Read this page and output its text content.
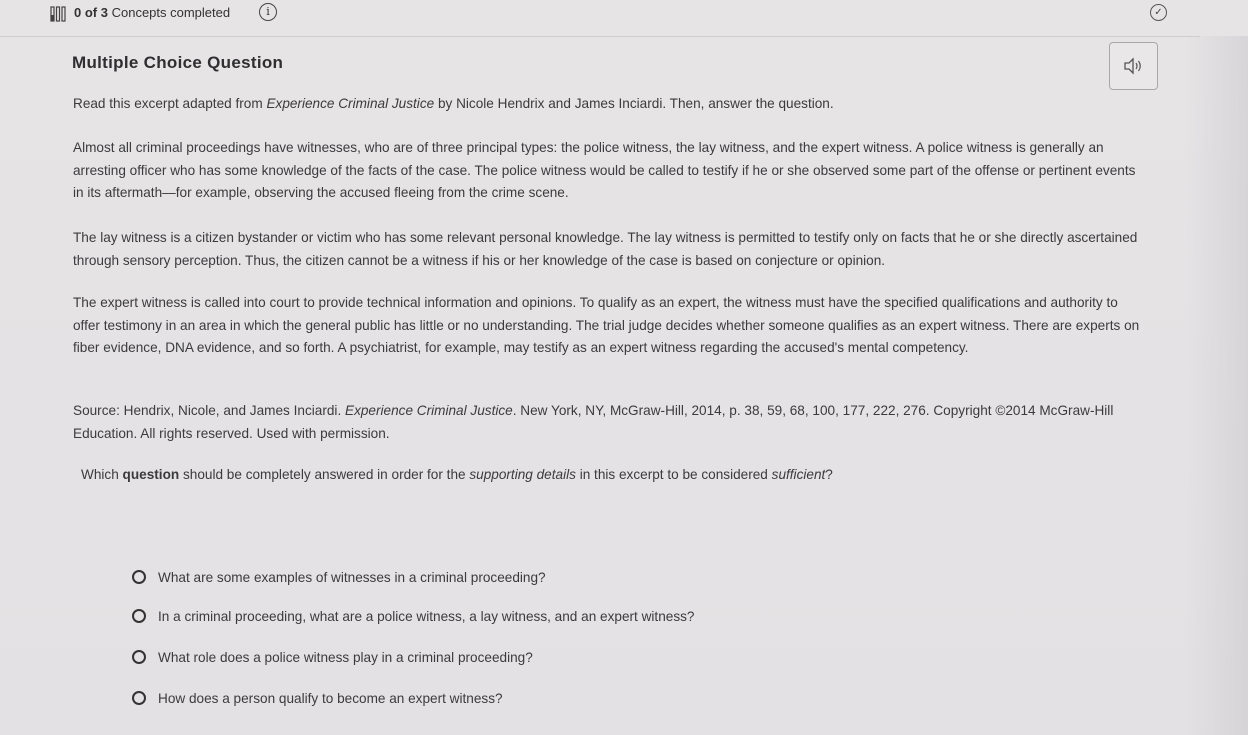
0 of 3 Concepts completed	i	✓
Multiple Choice Question

Read this excerpt adapted from Experience Criminal Justice by Nicole Hendrix and James Inciardi. Then, answer the question.

Almost all criminal proceedings have witnesses, who are of three principal types: the police witness, the lay witness, and the expert witness. A police witness is generally an arresting officer who has some knowledge of the facts of the case. The police witness would be called to testify if he or she observed some part of the offense or pertinent events in its aftermath—for example, observing the accused fleeing from the crime scene.

The lay witness is a citizen bystander or victim who has some relevant personal knowledge. The lay witness is permitted to testify only on facts that he or she directly ascertained through sensory perception. Thus, the citizen cannot be a witness if his or her knowledge of the case is based on conjecture or opinion.

The expert witness is called into court to provide technical information and opinions. To qualify as an expert, the witness must have the specified qualifications and authority to offer testimony in an area in which the general public has little or no understanding. The trial judge decides whether someone qualifies as an expert witness. There are experts on fiber evidence, DNA evidence, and so forth. A psychiatrist, for example, may testify as an expert witness regarding the accused's mental competency.

Source: Hendrix, Nicole, and James Inciardi. Experience Criminal Justice. New York, NY, McGraw-Hill, 2014, p. 38, 59, 68, 100, 177, 222, 276. Copyright ©2014 McGraw-Hill Education. All rights reserved. Used with permission.

Which question should be completely answered in order for the supporting details in this excerpt to be considered sufficient?
What are some examples of witnesses in a criminal proceeding?
In a criminal proceeding, what are a police witness, a lay witness, and an expert witness?
What role does a police witness play in a criminal proceeding?
How does a person qualify to become an expert witness?
